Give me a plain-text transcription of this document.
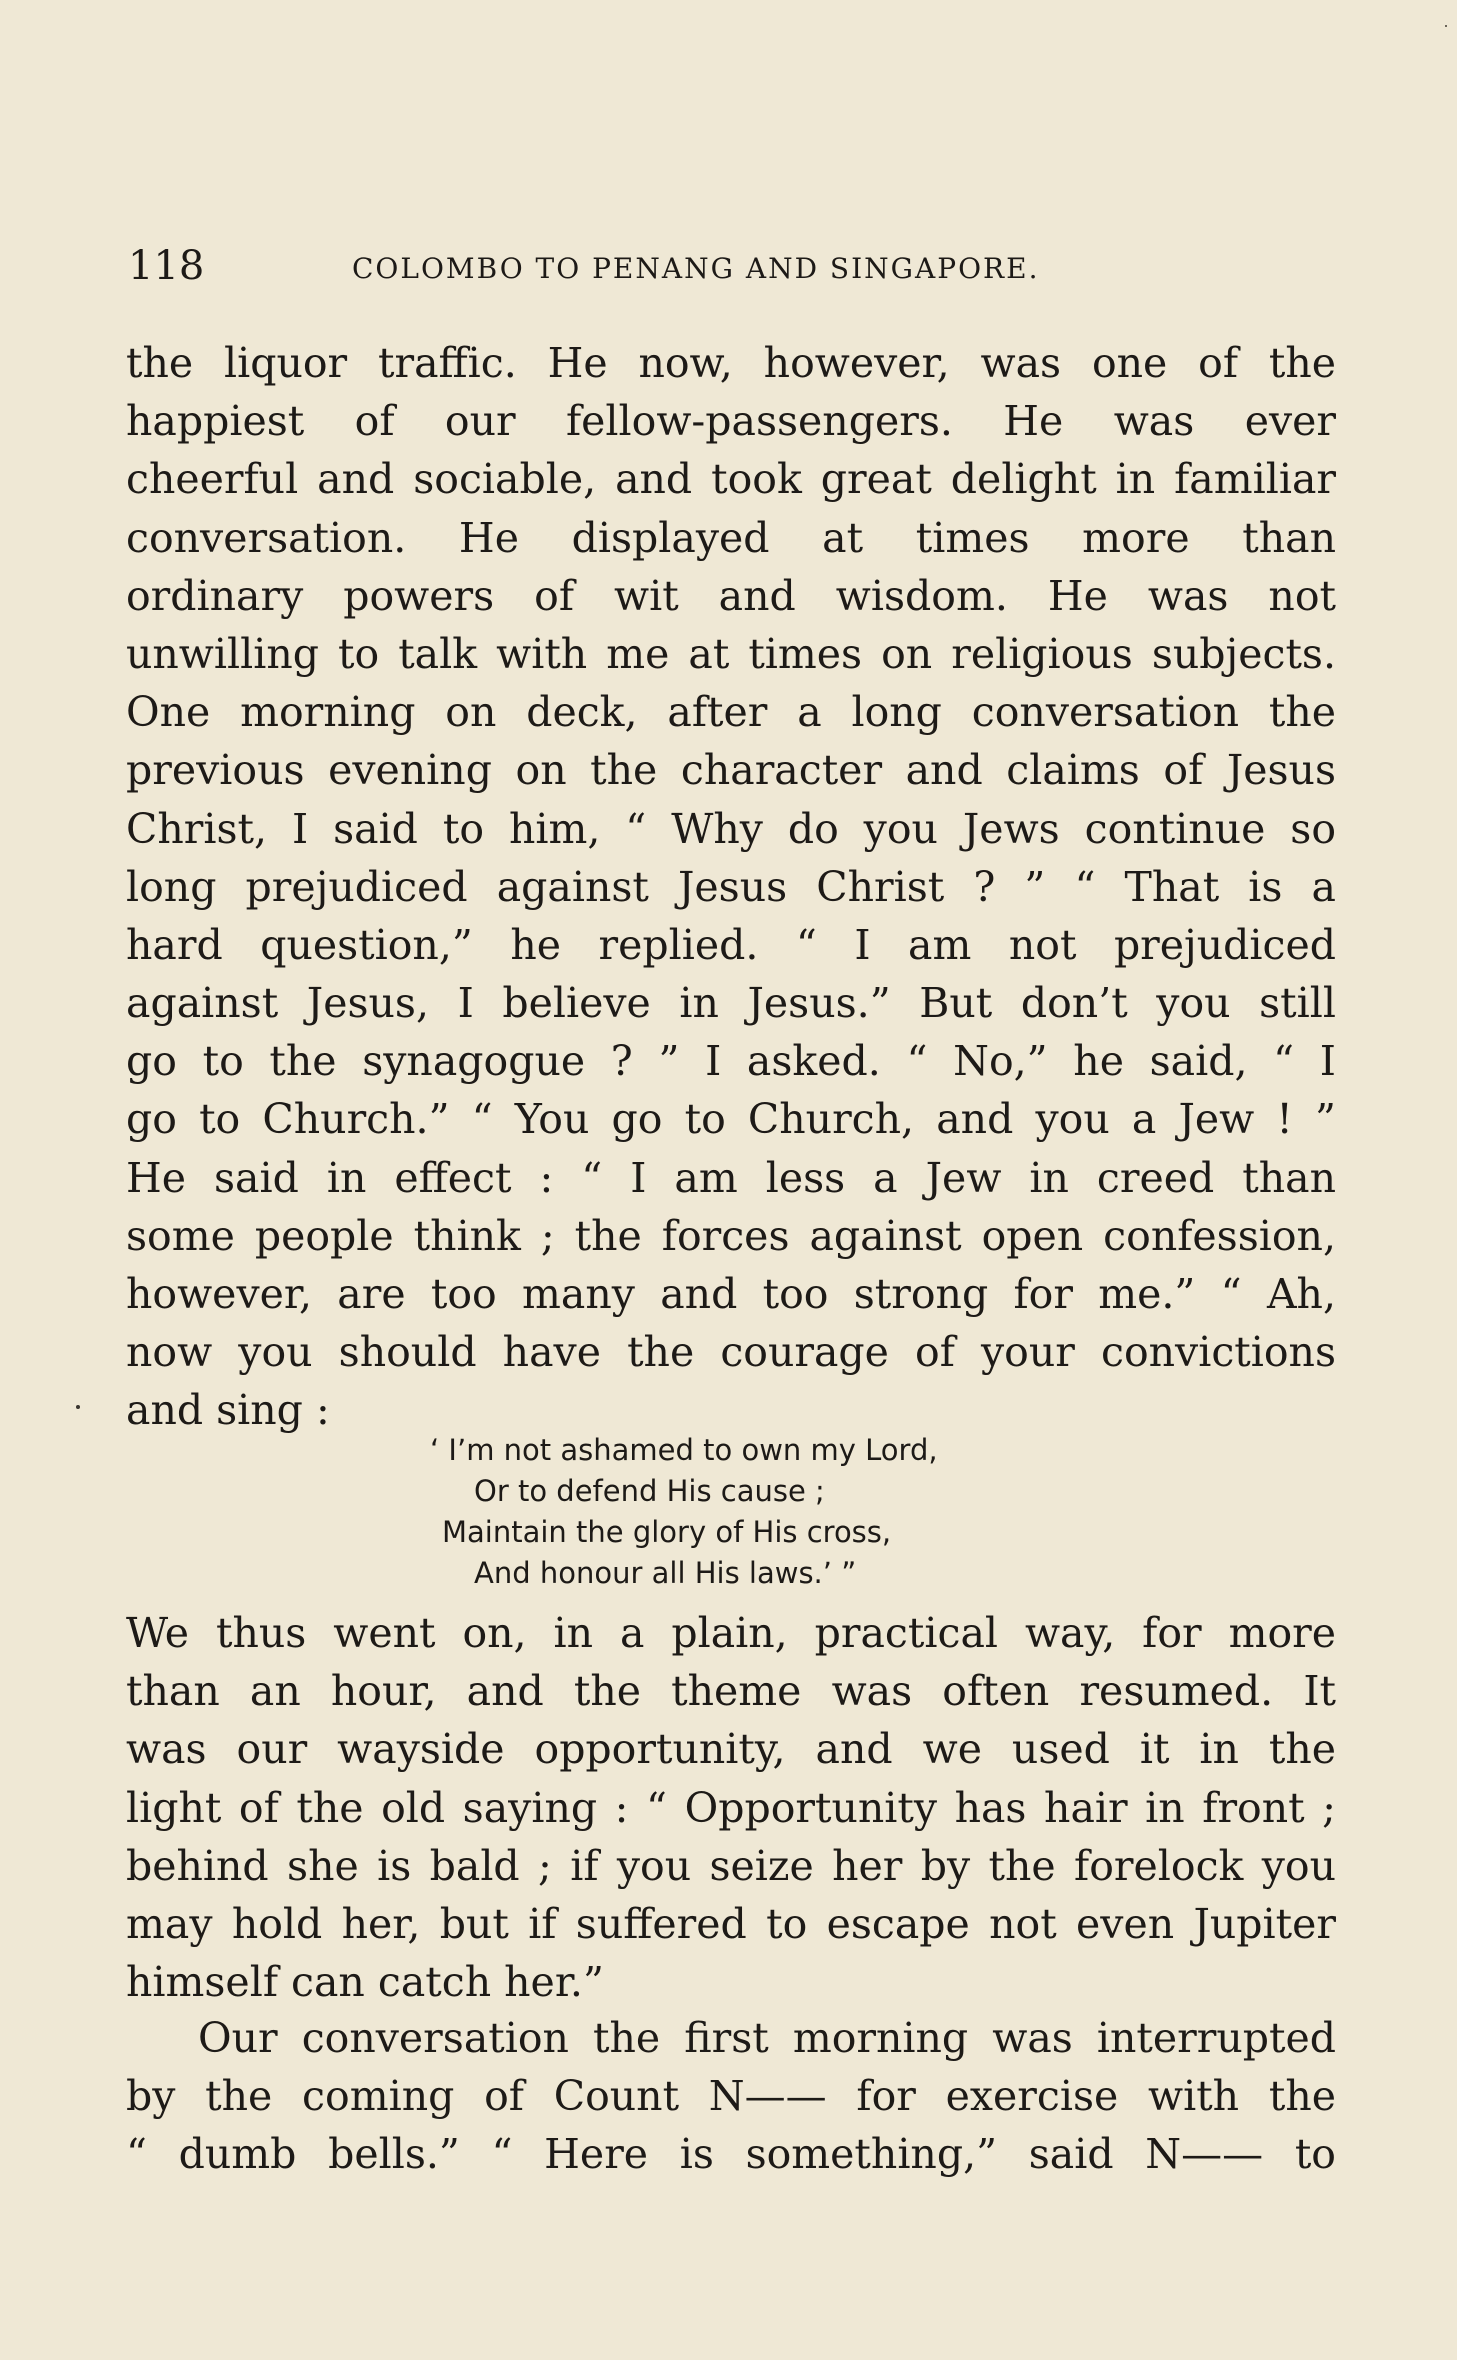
118	COLOMBO TO PENANG AND SINGAPORE.
the liquor traffic. He now, however, was one of the
happiest of our fellow-passengers. He was ever
cheerful and sociable, and took great delight in familiar
conversation. He displayed at times more than
ordinary powers of wit and wisdom. He was not
unwilling to talk with me at times on religious subjects.
One morning on deck, after a long conversation the
previous evening on the character and claims of Jesus
Christ, I said to him, “ Why do you Jews continue so
long prejudiced against Jesus Christ ? ” “ That is a
hard question,” he replied. “ I am not prejudiced
against Jesus, I believe in Jesus.” But don’t you still
go to the synagogue ? ” I asked. “ No,” he said, “ I
go to Church.” “ You go to Church, and you a Jew ! ”
He said in effect : “ I am less a Jew in creed than
some people think ; the forces against open confession,
however, are too many and too strong for me.” “ Ah,
now you should have the courage of your convictions
and sing :
‘ I’m not ashamed to own my Lord,
Or to defend His cause ;
Maintain the glory of His cross,
And honour all His laws.’ ”
We thus went on, in a plain, practical way, for more
than an hour, and the theme was often resumed. It
was our wayside opportunity, and we used it in the
light of the old saying : “ Opportunity has hair in front ;
behind she is bald ; if you seize her by the forelock you
may hold her, but if suffered to escape not even Jupiter
himself can catch her.”
Our conversation the first morning was interrupted
by the coming of Count N—— for exercise with the
“ dumb bells.” “ Here is something,” said N—— to
